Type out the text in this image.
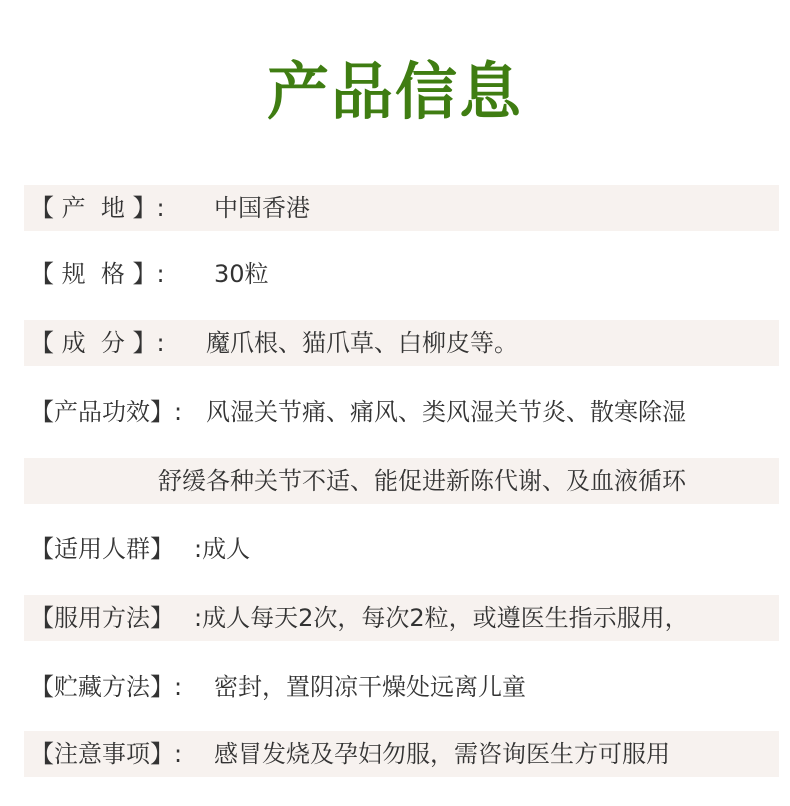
产品信息
【 产  地 】: 中国香港
【 规  格 】: 30粒
【 成  分 】: 魔爪根、猫爪草、白柳皮等。
【产品功效】: 风湿关节痛、痛风、类风湿关节炎、散寒除湿
舒缓各种关节不适、能促进新陈代谢、及血液循环
【适用人群】 :成人
【服用方法】 :成人每天2次，每次2粒，或遵医生指示服用，
【贮藏方法】: 密封，置阴凉干燥处远离儿童
【注意事项】: 感冒发烧及孕妇勿服，需咨询医生方可服用
